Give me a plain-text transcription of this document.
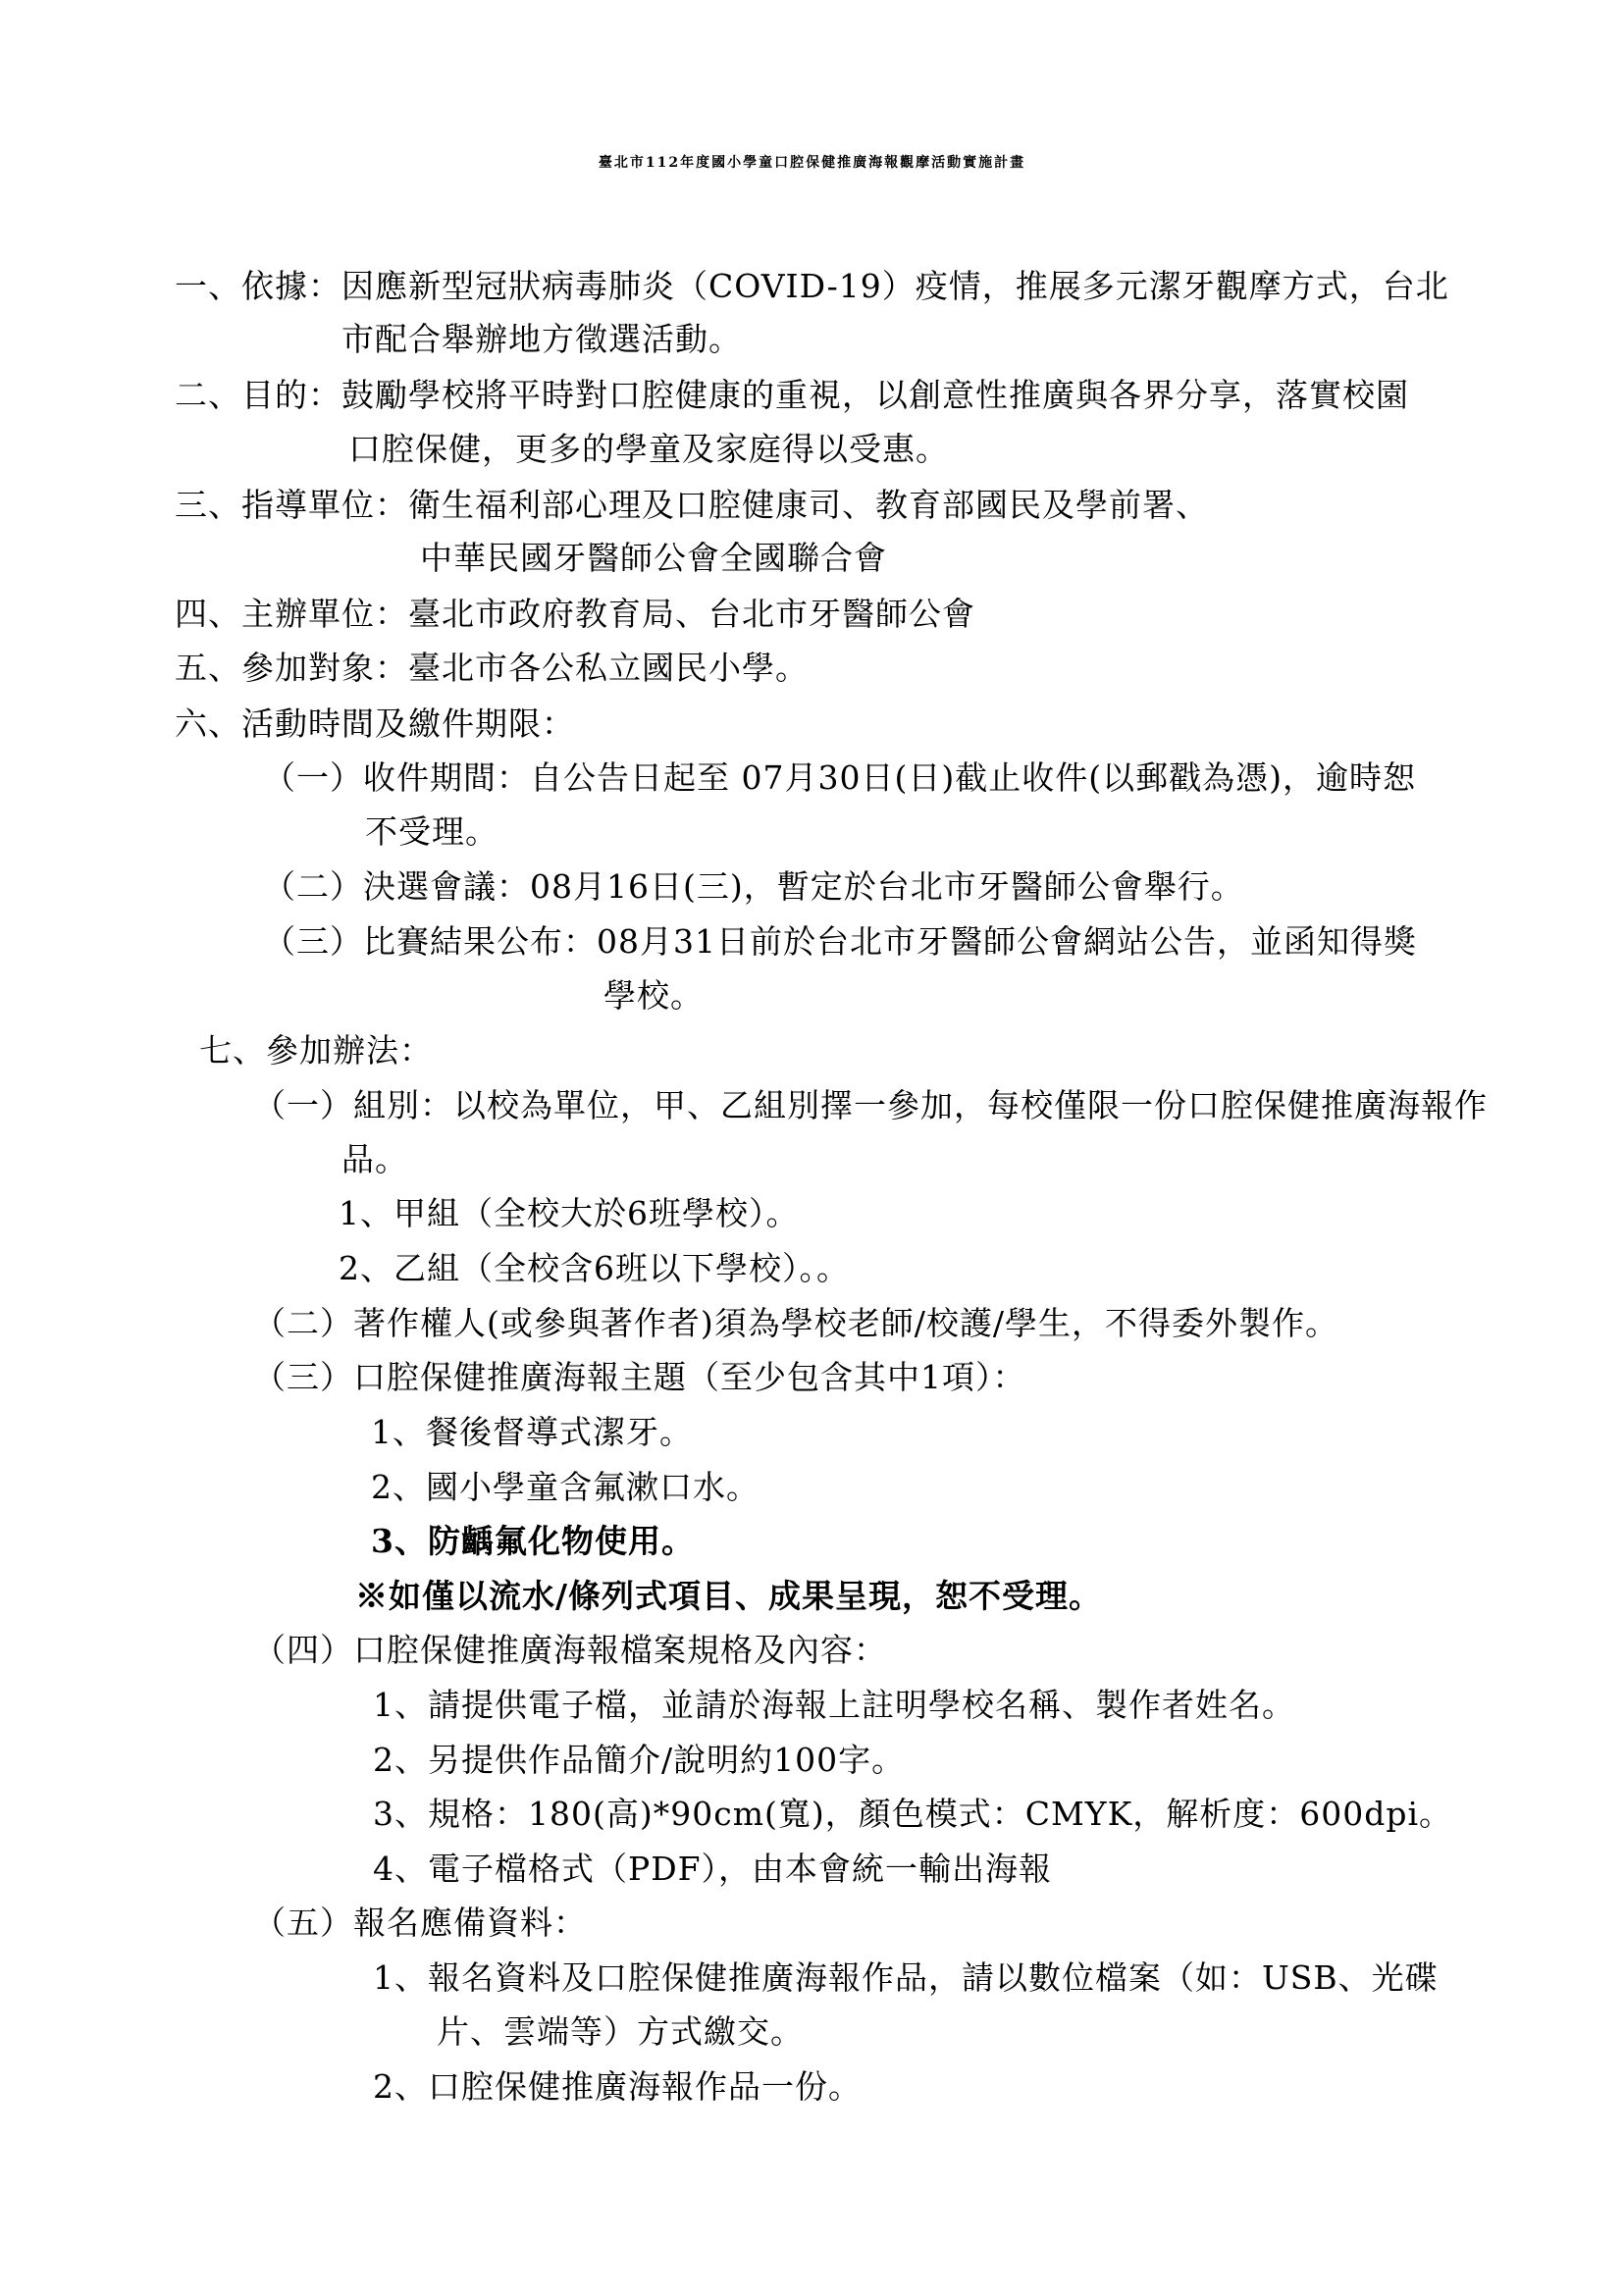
臺北市112年度國小學童口腔保健推廣海報觀摩活動實施計畫
一、依據：因應新型冠狀病毒肺炎（COVID-19）疫情，推展多元潔牙觀摩方式，台北
市配合舉辦地方徵選活動。
二、目的：鼓勵學校將平時對口腔健康的重視，以創意性推廣與各界分享，落實校園
口腔保健，更多的學童及家庭得以受惠。
三、指導單位：衛生福利部心理及口腔健康司、教育部國民及學前署、
中華民國牙醫師公會全國聯合會
四、主辦單位：臺北市政府教育局、台北市牙醫師公會
五、參加對象：臺北市各公私立國民小學。
六、活動時間及繳件期限：
（一）收件期間：自公告日起至 07月30日(日)截止收件(以郵戳為憑)，逾時恕
不受理。
（二）決選會議：08月16日(三)，暫定於台北市牙醫師公會舉行。
（三）比賽結果公布：08月31日前於台北市牙醫師公會網站公告，並函知得獎
學校。
七、參加辦法：
（一）組別：以校為單位，甲、乙組別擇一參加，每校僅限一份口腔保健推廣海報作
品。
1、甲組（全校大於6班學校）。
2、乙組（全校含6班以下學校）。。
（二）著作權人(或參與著作者)須為學校老師/校護/學生，不得委外製作。
（三）口腔保健推廣海報主題（至少包含其中1項）：
1、餐後督導式潔牙。
2、國小學童含氟漱口水。
3、防齲氟化物使用。
※如僅以流水/條列式項目、成果呈現，恕不受理。
（四）口腔保健推廣海報檔案規格及內容：
1、請提供電子檔，並請於海報上註明學校名稱、製作者姓名。
2、另提供作品簡介/說明約100字。
3、規格：180(高)*90cm(寬)，顏色模式：CMYK，解析度：600dpi。
4、電子檔格式（PDF），由本會統一輸出海報
（五）報名應備資料：
1、報名資料及口腔保健推廣海報作品，請以數位檔案（如：USB、光碟
片、雲端等）方式繳交。
2、口腔保健推廣海報作品一份。
